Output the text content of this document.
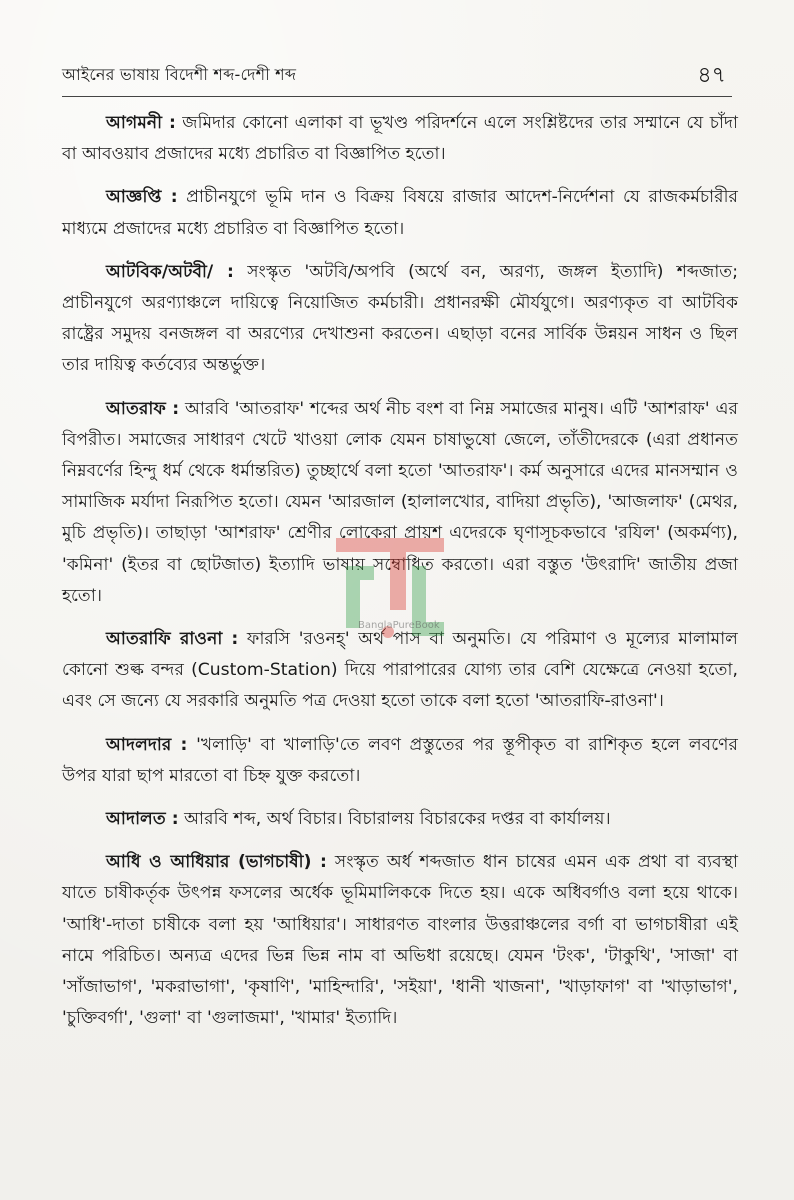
আইনের ভাষায় বিদেশী শব্দ-দেশী শব্দ	৪৭

আগমনী : জমিদার কোনো এলাকা বা ভূখণ্ড পরিদর্শনে এলে সংশ্লিষ্টদের তার সম্মানে যে চাঁদা বা আবওয়াব প্রজাদের মধ্যে প্রচারিত বা বিজ্ঞাপিত হতো।

আজ্ঞপ্তি : প্রাচীনযুগে ভূমি দান ও বিক্রয় বিষয়ে রাজার আদেশ-নির্দেশনা যে রাজকর্মচারীর মাধ্যমে প্রজাদের মধ্যে প্রচারিত বা বিজ্ঞাপিত হতো।

আটবিক/অটবী/ : সংস্কৃত 'অটবি/অপবি (অর্থে বন, অরণ্য, জঙ্গল ইত্যাদি) শব্দজাত; প্রাচীনযুগে অরণ্যাঞ্চলে দায়িত্বে নিয়োজিত কর্মচারী। প্রধানরক্ষী মৌর্যযুগে। অরণ্যকৃত বা আটবিক রাষ্ট্রের সমুদয় বনজঙ্গল বা অরণ্যের দেখাশুনা করতেন। এছাড়া বনের সার্বিক উন্নয়ন সাধন ও ছিল তার দায়িত্ব কর্তব্যের অন্তর্ভুক্ত।

আতরাফ : আরবি 'আতরাফ' শব্দের অর্থ নীচ বংশ বা নিম্ন সমাজের মানুষ। এটি 'আশরাফ' এর বিপরীত। সমাজের সাধারণ খেটে খাওয়া লোক যেমন চাষাভুষো জেলে, তাঁতীদেরকে (এরা প্রধানত নিম্নবর্ণের হিন্দু ধর্ম থেকে ধর্মান্তরিত) তুচ্ছার্থে বলা হতো 'আতরাফ'। কর্ম অনুসারে এদের মানসম্মান ও সামাজিক মর্যাদা নিরূপিত হতো। যেমন 'আরজাল (হালালখোর, বাদিয়া প্রভৃতি), 'আজলাফ' (মেথর, মুচি প্রভৃতি)। তাছাড়া 'আশরাফ' শ্রেণীর লোকেরা প্রায়শ এদেরকে ঘৃণাসূচকভাবে 'রযিল' (অকর্মণ্য), 'কমিনা' (ইতর বা ছোটজাত) ইত্যাদি ভাষায় সম্বোধিত করতো। এরা বস্তুত 'উৎরাদি' জাতীয় প্রজা হতো।

আতরাফি রাওনা : ফারসি 'রওনহ্' অর্থ পাস বা অনুমতি। যে পরিমাণ ও মূল্যের মালামাল কোনো শুল্ক বন্দর (Custom-Station) দিয়ে পারাপারের যোগ্য তার বেশি যেক্ষেত্রে নেওয়া হতো, এবং সে জন্যে যে সরকারি অনুমতি পত্র দেওয়া হতো তাকে বলা হতো 'আতরাফি-রাওনা'।

আদলদার : 'খলাড়ি' বা খালাড়ি'তে লবণ প্রস্তুতের পর স্তূপীকৃত বা রাশিকৃত হলে লবণের উপর যারা ছাপ মারতো বা চিহ্ন যুক্ত করতো।

আদালত : আরবি শব্দ, অর্থ বিচার। বিচারালয় বিচারকের দপ্তর বা কার্যালয়।

আধি ও আধিয়ার (ভাগচাষী) : সংস্কৃত অর্ধ শব্দজাত ধান চাষের এমন এক প্রথা বা ব্যবস্থা যাতে চাষীকর্তৃক উৎপন্ন ফসলের অর্ধেক ভূমিমালিককে দিতে হয়। একে অধিবর্গাও বলা হয়ে থাকে। 'আধি'-দাতা চাষীকে বলা হয় 'আধিয়ার'। সাধারণত বাংলার উত্তরাঞ্চলের বর্গা বা ভাগচাষীরা এই নামে পরিচিত। অন্যত্র এদের ভিন্ন ভিন্ন নাম বা অভিধা রয়েছে। যেমন 'টংক', 'টাকুথি', 'সাজা' বা 'সাঁজাভাগ', 'মকরাভাগা', 'কৃষাণি', 'মাহিন্দারি', 'সইয়া', 'ধানী খাজনা', 'খাড়াফাগ' বা 'খাড়াভাগ', 'চুক্তিবর্গা', 'গুলা' বা 'গুলাজমা', 'খামার' ইত্যাদি।

BanglaPureBook
